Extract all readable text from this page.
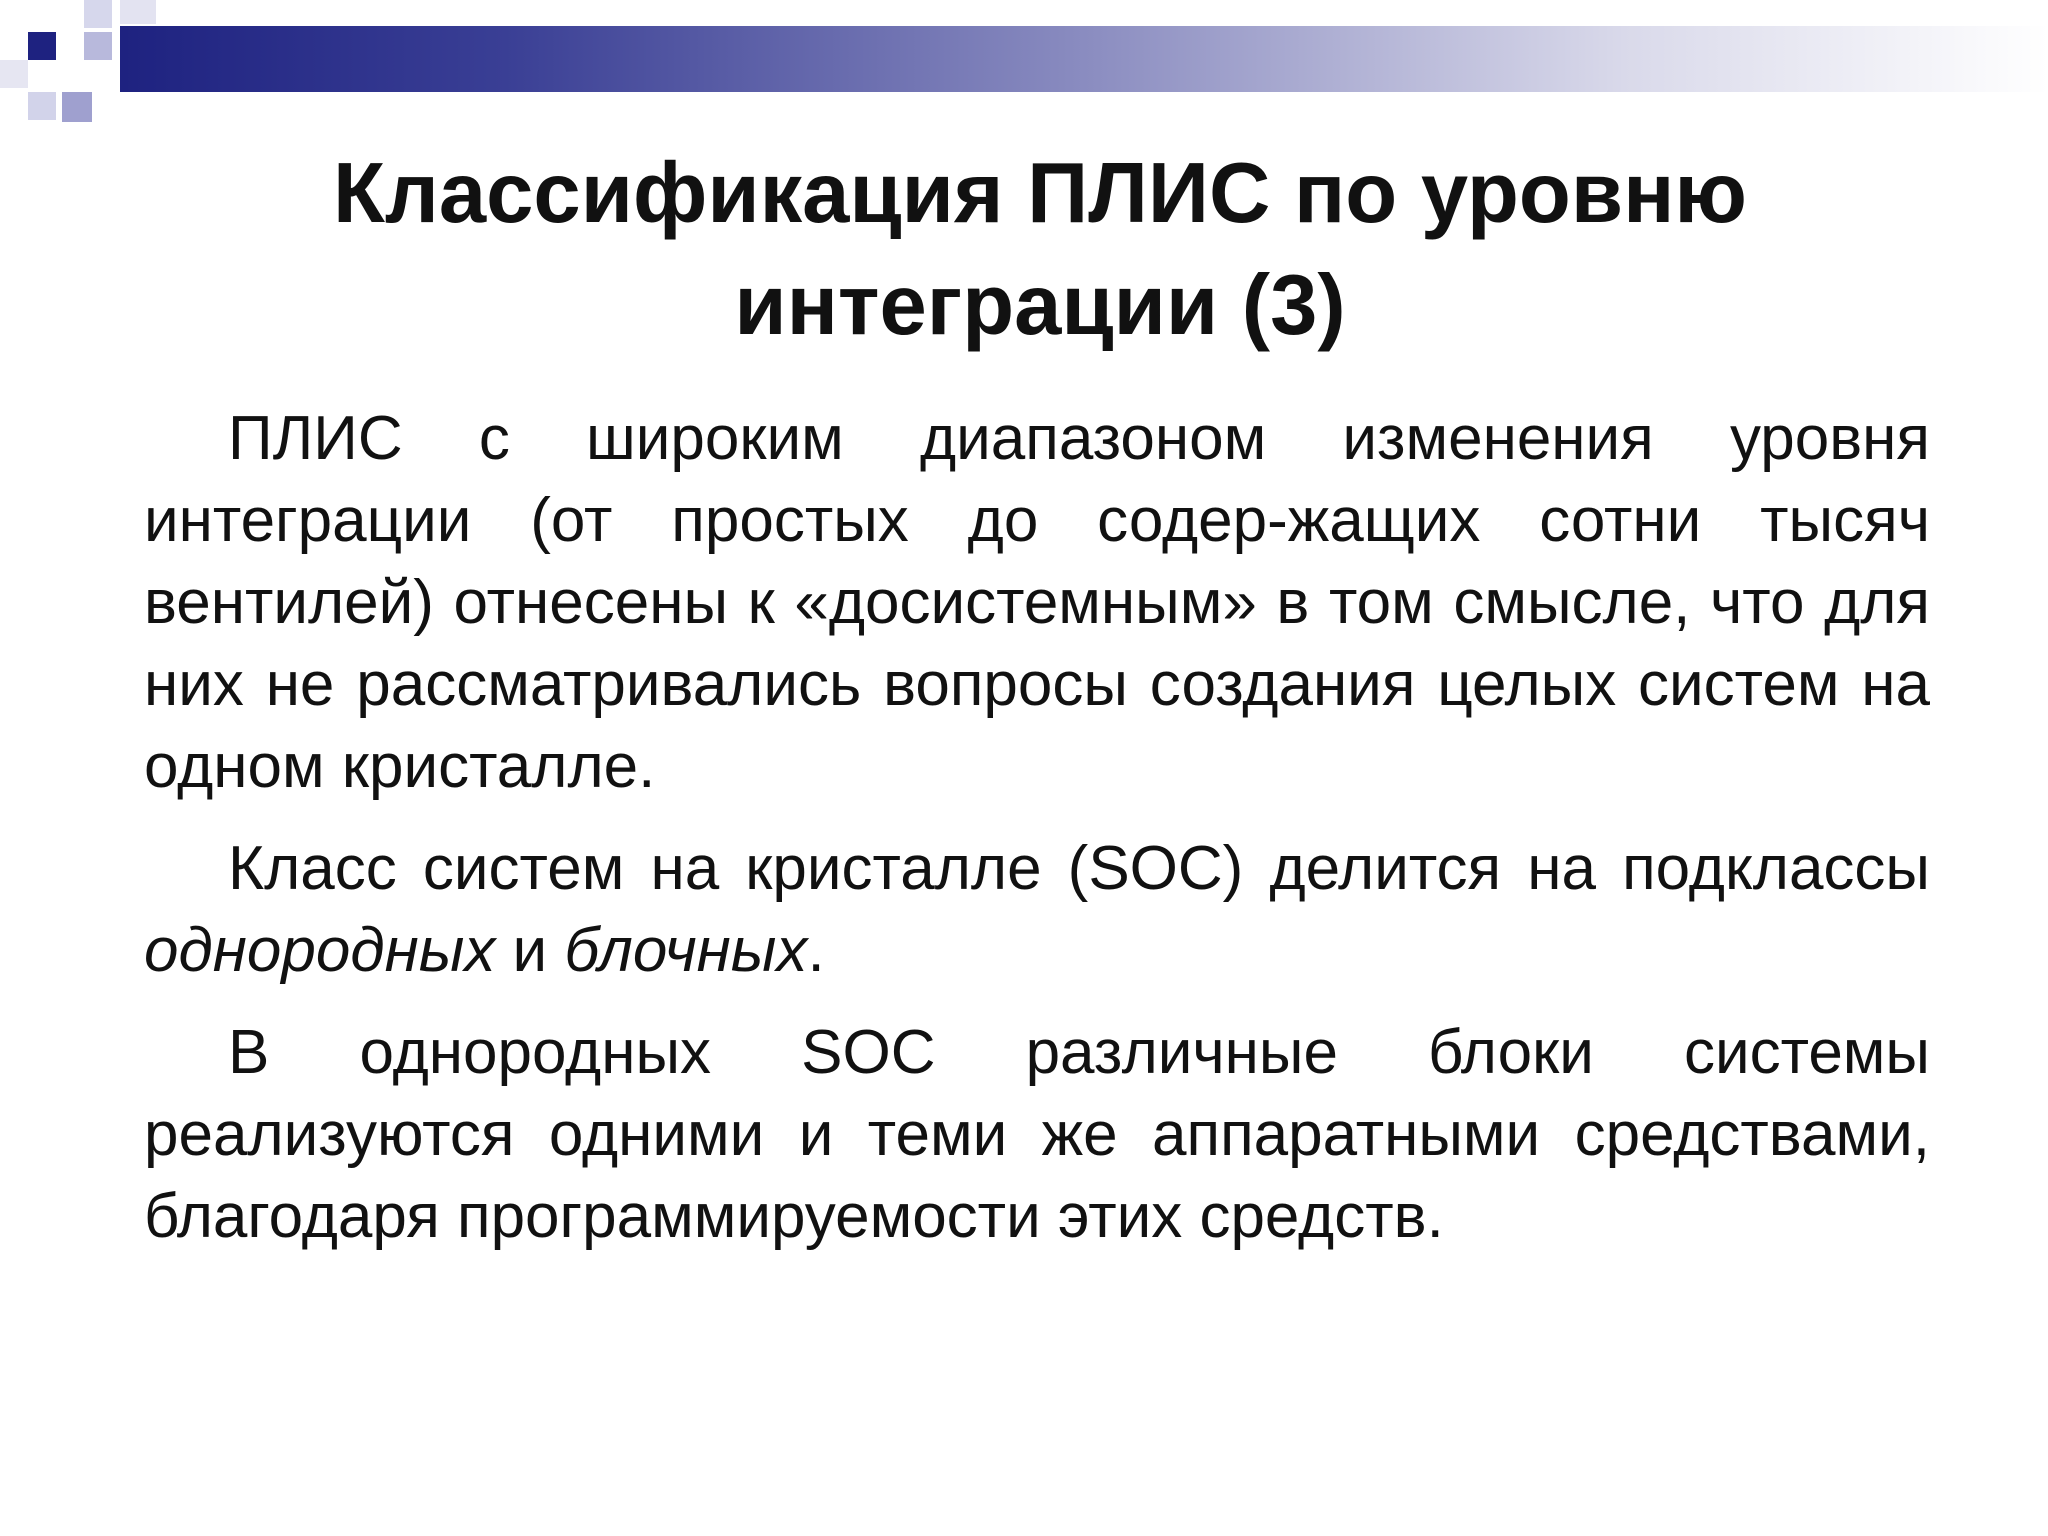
Классификация ПЛИС по уровню
интеграции (3)

ПЛИС с широким диапазоном изменения уровня интеграции (от простых до содер-жащих сотни тысяч вентилей) отнесены к «досистемным» в том смысле, что для них не рассматривались вопросы создания целых систем на одном кристалле.

Класс систем на кристалле (SOC) делится на подклассы однородных и блочных.

В однородных SOC различные блоки системы реализуются одними и теми же аппаратными средствами, благодаря программируемости этих средств.
